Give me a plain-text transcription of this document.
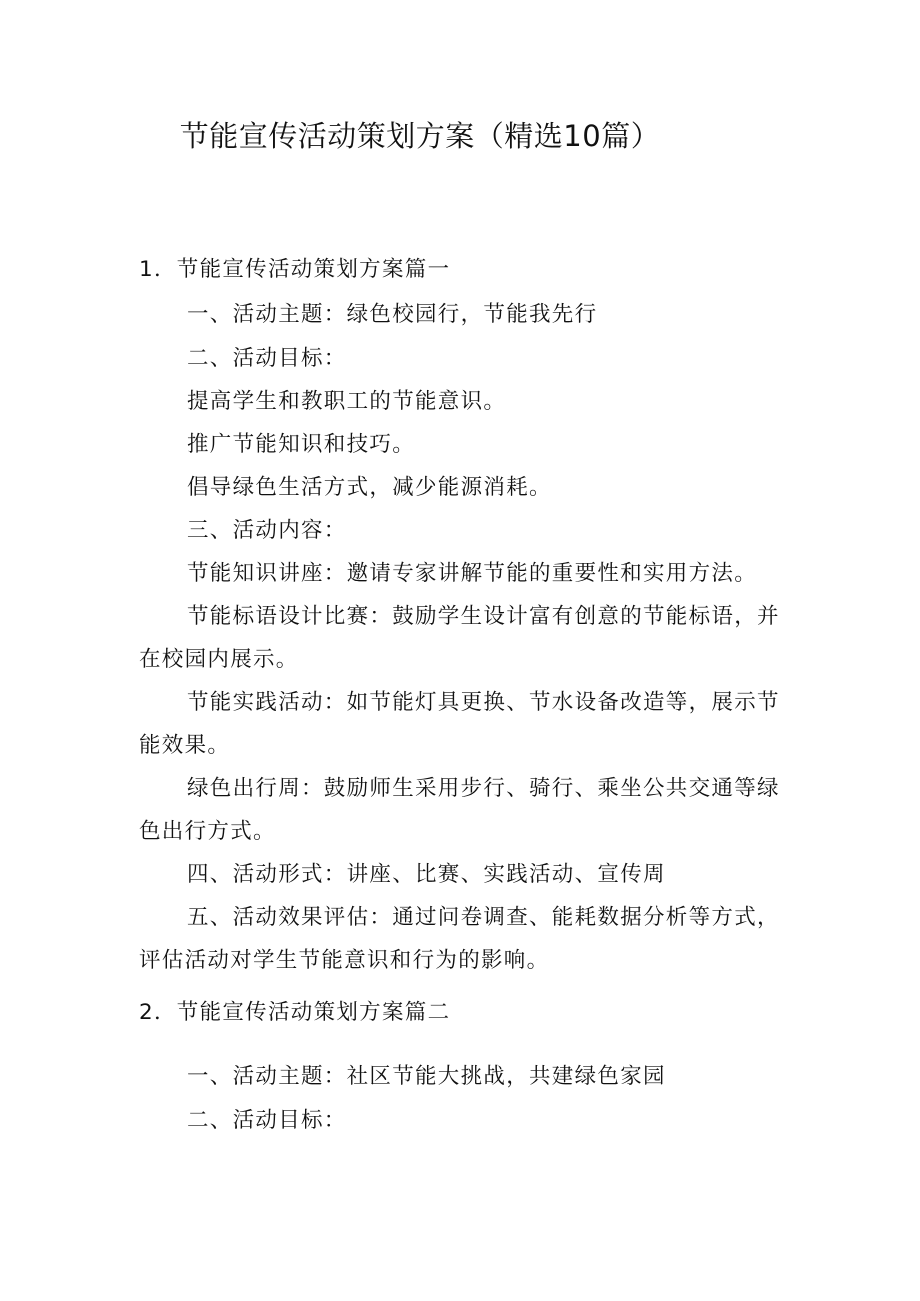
节能宣传活动策划方案（精选10篇）
1．节能宣传活动策划方案篇一
一、活动主题：绿色校园行，节能我先行
二、活动目标：
提高学生和教职工的节能意识。
推广节能知识和技巧。
倡导绿色生活方式，减少能源消耗。
三、活动内容：
节能知识讲座：邀请专家讲解节能的重要性和实用方法。
节能标语设计比赛：鼓励学生设计富有创意的节能标语，并
在校园内展示。
节能实践活动：如节能灯具更换、节水设备改造等，展示节
能效果。
绿色出行周：鼓励师生采用步行、骑行、乘坐公共交通等绿
色出行方式。
四、活动形式：讲座、比赛、实践活动、宣传周
五、活动效果评估：通过问卷调查、能耗数据分析等方式，
评估活动对学生节能意识和行为的影响。
2．节能宣传活动策划方案篇二
一、活动主题：社区节能大挑战，共建绿色家园
二、活动目标：
